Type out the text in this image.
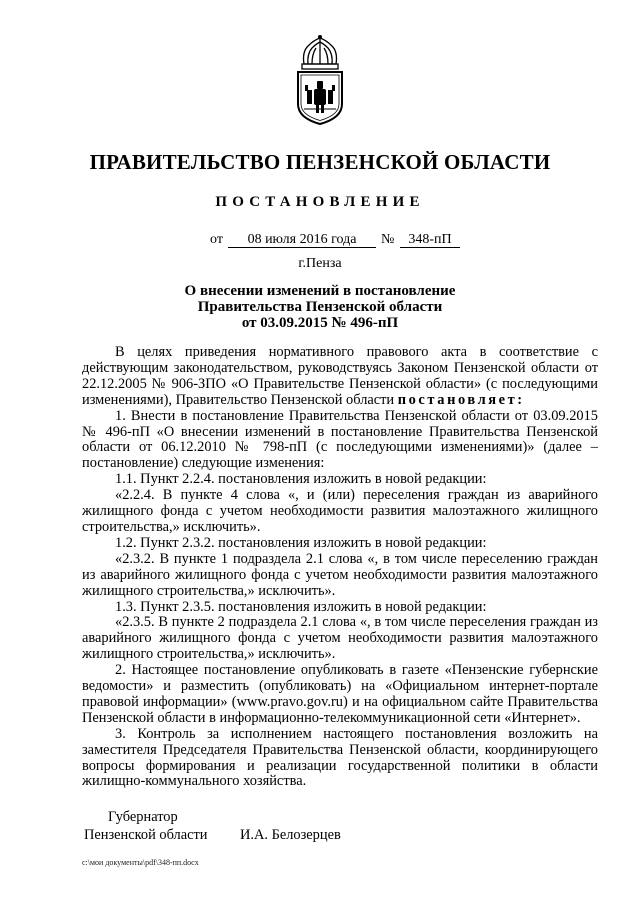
ПРАВИТЕЛЬСТВО ПЕНЗЕНСКОЙ ОБЛАСТИ
ПОСТАНОВЛЕНИЕ
от	08 июля 2016 года	№	348-пП
г.Пенза
О внесении изменений в постановление
Правительства Пензенской области
от 03.09.2015 № 496-пП

В целях приведения нормативного правового акта в соответствие с действующим законодательством, руководствуясь Законом Пензенской области от 22.12.2005 № 906-ЗПО «О Правительстве Пензенской области» (с последующими изменениями), Правительство Пензенской области постановляет:

1. Внести в постановление Правительства Пензенской области от 03.09.2015 № 496-пП «О внесении изменений в постановление Правительства Пензенской области от 06.12.2010 № 798-пП (с последующими изменениями)» (далее – постановление) следующие изменения:

1.1. Пункт 2.2.4. постановления изложить в новой редакции:

«2.2.4. В пункте 4 слова «, и (или) переселения граждан из аварийного жилищного фонда с учетом необходимости развития малоэтажного жилищного строительства,» исключить».

1.2. Пункт 2.3.2. постановления изложить в новой редакции:

«2.3.2. В пункте 1 подраздела 2.1 слова «, в том числе переселению граждан из аварийного жилищного фонда с учетом необходимости развития малоэтажного жилищного строительства,» исключить».

1.3. Пункт 2.3.5. постановления изложить в новой редакции:

«2.3.5. В пункте 2 подраздела 2.1 слова «, в том числе переселения граждан из аварийного жилищного фонда с учетом необходимости развития малоэтажного жилищного строительства,» исключить».

2. Настоящее постановление опубликовать в газете «Пензенские губернские ведомости» и разместить (опубликовать) на «Официальном интернет-портале правовой информации» (www.pravo.gov.ru) и на официальном сайте Правительства Пензенской области в информационно-телекоммуникационной сети «Интернет».

3. Контроль за исполнением настоящего постановления возложить на заместителя Председателя Правительства Пензенской области, координирующего вопросы формирования и реализации государственной политики в области жилищно-коммунального хозяйства.

Губернатор
Пензенской области И.А. Белозерцев
c:\мои документы\pdf\348-пп.docx
